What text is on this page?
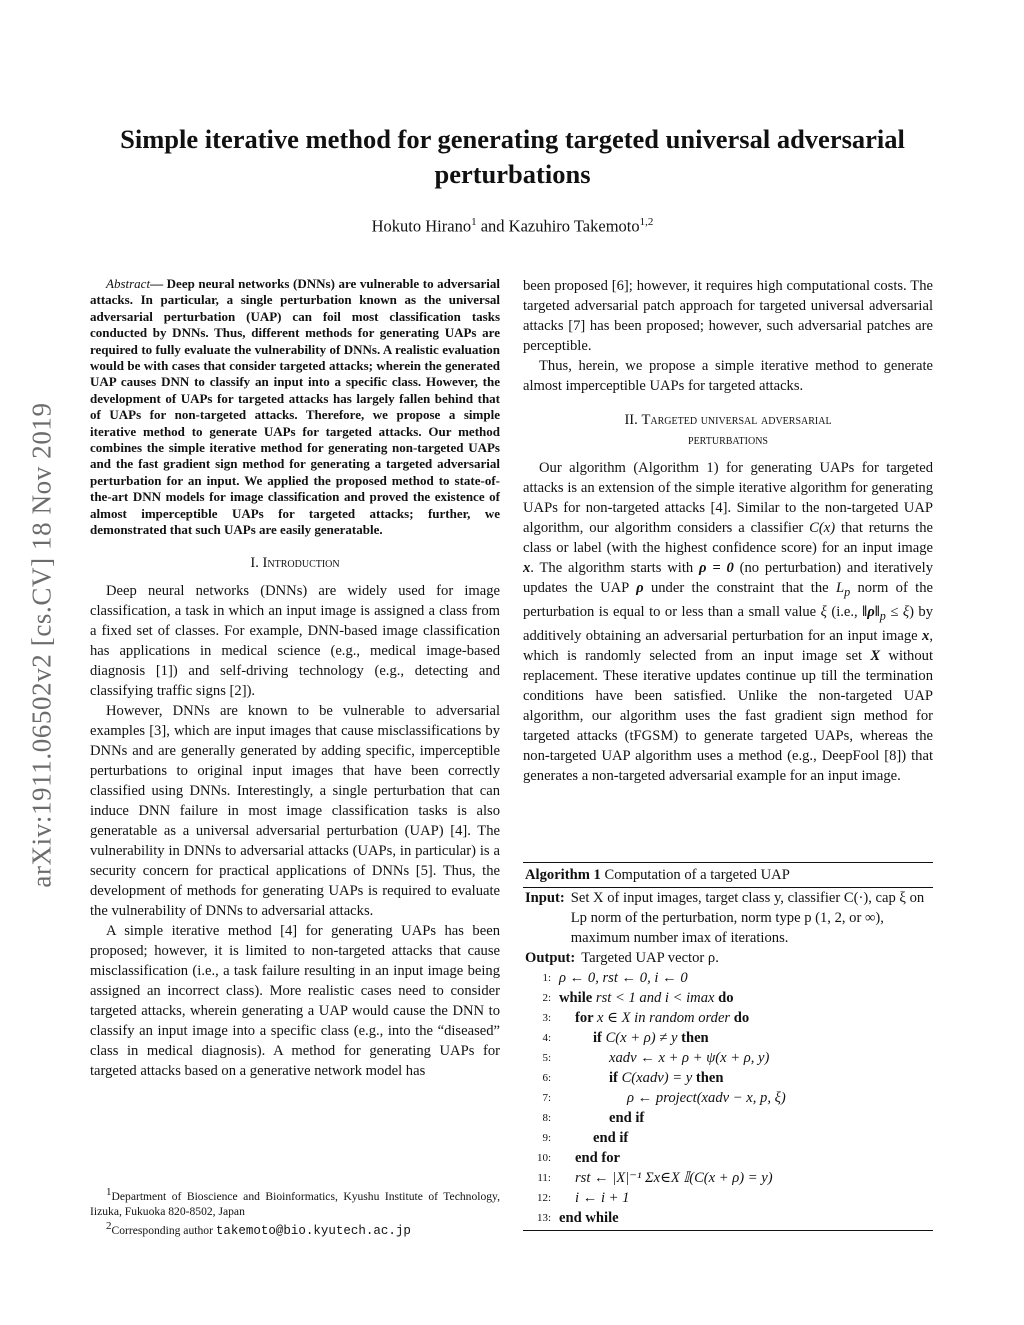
arXiv:1911.06502v2 [cs.CV] 18 Nov 2019
Simple iterative method for generating targeted universal adversarial perturbations
Hokuto Hirano$^1$ and Kazuhiro Takemoto$^{1,2}$

Abstract— Deep neural networks (DNNs) are vulnerable to adversarial attacks. In particular, a single perturbation known as the universal adversarial perturbation (UAP) can foil most classification tasks conducted by DNNs. Thus, different methods for generating UAPs are required to fully evaluate the vulnerability of DNNs. A realistic evaluation would be with cases that consider targeted attacks; wherein the generated UAP causes DNN to classify an input into a specific class. However, the development of UAPs for targeted attacks has largely fallen behind that of UAPs for non-targeted attacks. Therefore, we propose a simple iterative method to generate UAPs for targeted attacks. Our method combines the simple iterative method for generating non-targeted UAPs and the fast gradient sign method for generating a targeted adversarial perturbation for an input. We applied the proposed method to state-of-the-art DNN models for image classification and proved the existence of almost imperceptible UAPs for targeted attacks; further, we demonstrated that such UAPs are easily generatable.

I. Introduction

Deep neural networks (DNNs) are widely used for image classification, a task in which an input image is assigned a class from a fixed set of classes. For example, DNN-based image classification has applications in medical science (e.g., medical image-based diagnosis [1]) and self-driving technology (e.g., detecting and classifying traffic signs [2]).

However, DNNs are known to be vulnerable to adversarial examples [3], which are input images that cause misclassifications by DNNs and are generally generated by adding specific, imperceptible perturbations to original input images that have been correctly classified using DNNs. Interestingly, a single perturbation that can induce DNN failure in most image classification tasks is also generatable as a universal adversarial perturbation (UAP) [4]. The vulnerability in DNNs to adversarial attacks (UAPs, in particular) is a security concern for practical applications of DNNs [5]. Thus, the development of methods for generating UAPs is required to evaluate the vulnerability of DNNs to adversarial attacks.

A simple iterative method [4] for generating UAPs has been proposed; however, it is limited to non-targeted attacks that cause misclassification (i.e., a task failure resulting in an input image being assigned an incorrect class). More realistic cases need to consider targeted attacks, wherein generating a UAP would cause the DNN to classify an input image into a specific class (e.g., into the “diseased” class in medical diagnosis). A method for generating UAPs for targeted attacks based on a generative network model has

$^1$Department of Bioscience and Bioinformatics, Kyushu Institute of Technology, Iizuka, Fukuoka 820-8502, Japan
$^2$Corresponding author takemoto@bio.kyutech.ac.jp

been proposed [6]; however, it requires high computational costs. The targeted adversarial patch approach for targeted universal adversarial attacks [7] has been proposed; however, such adversarial patches are perceptible.

Thus, herein, we propose a simple iterative method to generate almost imperceptible UAPs for targeted attacks.

II. Targeted universal adversarial
perturbations

Our algorithm (Algorithm 1) for generating UAPs for targeted attacks is an extension of the simple iterative algorithm for generating UAPs for non-targeted attacks [4]. Similar to the non-targeted UAP algorithm, our algorithm considers a classifier C(x) that returns the class or label (with the highest confidence score) for an input image x. The algorithm starts with ρ = 0 (no perturbation) and iteratively updates the UAP ρ under the constraint that the $L_p$ norm of the perturbation is equal to or less than a small value ξ (i.e., $‖\rho‖_p \le \xi$) by additively obtaining an adversarial perturbation for an input image x, which is randomly selected from an input image set X without replacement. These iterative updates continue up till the termination conditions have been satisfied. Unlike the non-targeted UAP algorithm, our algorithm uses the fast gradient sign method for targeted attacks (tFGSM) to generate targeted UAPs, whereas the non-targeted UAP algorithm uses a method (e.g., DeepFool [8]) that generates a non-targeted adversarial example for an input image.

Algorithm 1 Computation of a targeted UAP
Input: Set X of input images, target class y, classifier C(·), cap ξ on Lp norm of the perturbation, norm type p (1, 2, or ∞), maximum number imax of iterations.
Output: Targeted UAP vector ρ.
1: ρ ← 0, rst ← 0, i ← 0
2: while rst < 1 and i < imax do
3:	for x ∈ X in random order do
4:	if C(x + ρ) ≠ y then
5:	xadv ← x + ρ + ψ(x + ρ, y)
6:	if C(xadv) = y then
7:	ρ ← project(xadv − x, p, ξ)
8:	end if
9:	end if
10:	end for
11:	rst ← |X|⁻¹ Σx∈X 𝕀(C(x + ρ) = y)
12:	i ← i + 1
13: end while
